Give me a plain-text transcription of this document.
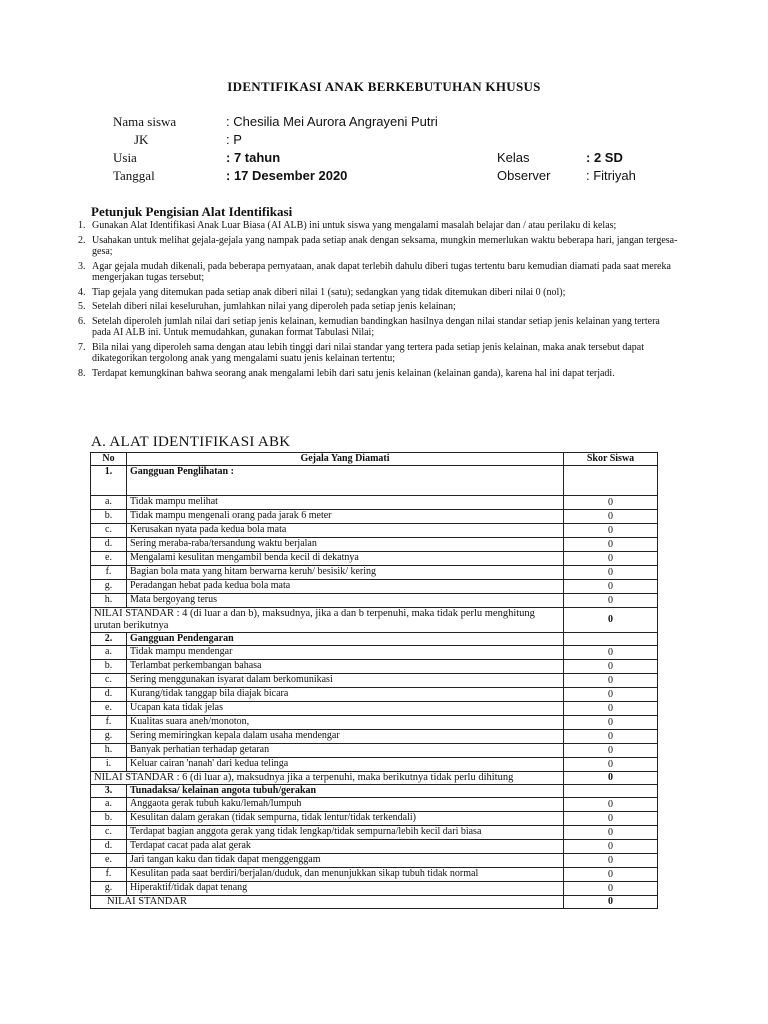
IDENTIFIKASI ANAK BERKEBUTUHAN KHUSUS
Nama siswa	: Chesilia Mei Aurora Angrayeni Putri
JK	: P
Usia	: 7 tahun	Kelas	: 2 SD
Tanggal	: 17 Desember 2020	Observer	: Fitriyah
Petunjuk Pengisian Alat Identifikasi
1. Gunakan Alat Identifikasi Anak Luar Biasa (AI ALB) ini untuk siswa yang mengalami masalah belajar dan / atau perilaku di kelas;
2. Usahakan untuk melihat gejala-gejala yang nampak pada setiap anak dengan seksama, mungkin memerlukan waktu beberapa hari, jangan tergesa-gesa;
3. Agar gejala mudah dikenali, pada beberapa pernyataan, anak dapat terlebih dahulu diberi tugas tertentu baru kemudian diamati pada saat mereka mengerjakan tugas tersebut;
4. Tiap gejala yang ditemukan pada setiap anak diberi nilai 1 (satu); sedangkan yang tidak ditemukan diberi nilai 0 (nol);
5. Setelah diberi nilai keseluruhan, jumlahkan nilai yang diperoleh pada setiap jenis kelainan;
6. Setelah diperoleh jumlah nilai dari setiap jenis kelainan, kemudian bandingkan hasilnya dengan nilai standar setiap jenis kelainan yang tertera pada AI ALB ini. Untuk memudahkan, gunakan format Tabulasi Nilai;
7. Bila nilai yang diperoleh sama dengan atau lebih tinggi dari nilai standar yang tertera pada setiap jenis kelainan, maka anak tersebut dapat dikategorikan tergolong anak yang mengalami suatu jenis kelainan tertentu;
8. Terdapat kemungkinan bahwa seorang anak mengalami lebih dari satu jenis kelainan (kelainan ganda), karena hal ini dapat terjadi.
A. ALAT IDENTIFIKASI ABK
No	Gejala Yang Diamati	Skor Siswa
1.	Gangguan Penglihatan :	
a.	Tidak mampu melihat	0
b.	Tidak mampu mengenali orang pada jarak 6 meter	0
c.	Kerusakan nyata pada kedua bola mata	0
d.	Sering meraba-raba/tersandung waktu berjalan	0
e.	Mengalami kesulitan mengambil benda kecil di dekatnya	0
f.	Bagian bola mata yang hitam berwarna keruh/ besisik/ kering	0
g.	Peradangan hebat pada kedua bola mata	0
h.	Mata bergoyang terus	0
NILAI STANDAR : 4 (di luar a dan b), maksudnya, jika a dan b terpenuhi, maka tidak perlu menghitung urutan berikutnya		0
2.	Gangguan Pendengaran	
a.	Tidak mampu mendengar	0
b.	Terlambat perkembangan bahasa	0
c.	Sering menggunakan isyarat dalam berkomunikasi	0
d.	Kurang/tidak tanggap bila diajak bicara	0
e.	Ucapan kata tidak jelas	0
f.	Kualitas suara aneh/monoton,	0
g.	Sering memiringkan kepala dalam usaha mendengar	0
h.	Banyak perhatian terhadap getaran	0
i.	Keluar cairan 'nanah' dari kedua telinga	0
NILAI STANDAR : 6 (di luar a), maksudnya jika a terpenuhi, maka berikutnya tidak perlu dihitung		0
3.	Tunadaksa/ kelainan angota tubuh/gerakan	
a.	Anggaota gerak tubuh kaku/lemah/lumpuh	0
b.	Kesulitan dalam gerakan (tidak sempurna, tidak lentur/tidak terkendali)	0
c.	Terdapat bagian anggota gerak yang tidak lengkap/tidak sempurna/lebih kecil dari biasa	0
d.	Terdapat cacat pada alat gerak	0
e.	Jari tangan kaku dan tidak dapat menggenggam	0
f.	Kesulitan pada saat berdiri/berjalan/duduk, dan menunjukkan sikap tubuh tidak normal	0
g.	Hiperaktif/tidak dapat tenang	0
NILAI STANDAR		0
